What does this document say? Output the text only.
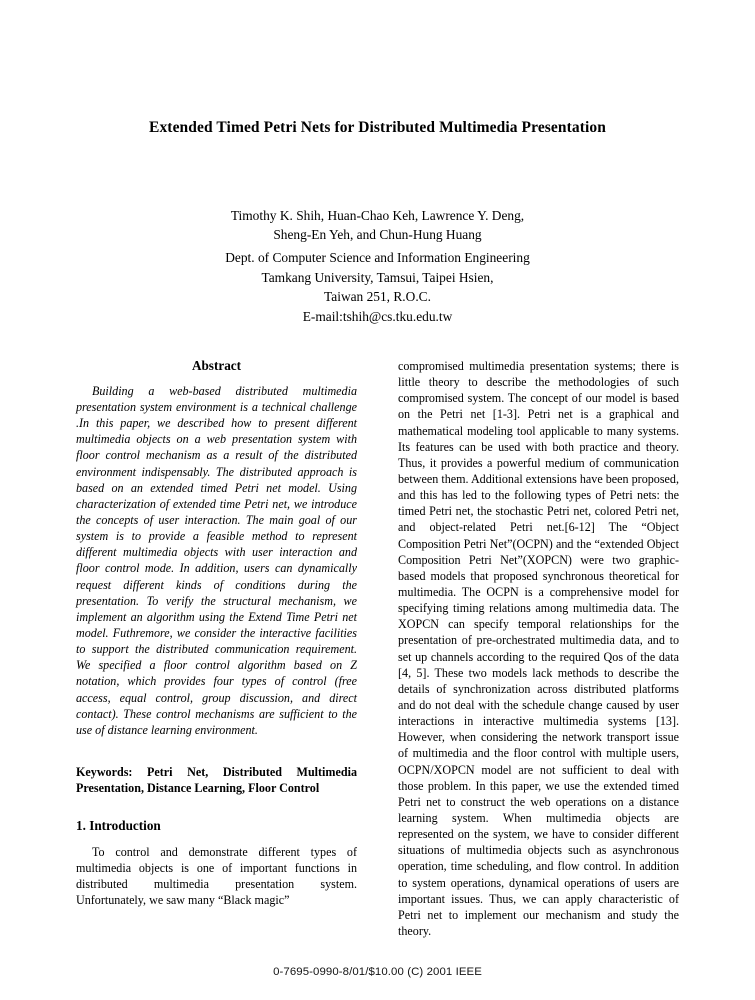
Extended Timed Petri Nets for Distributed Multimedia Presentation
Timothy K. Shih, Huan-Chao Keh, Lawrence Y. Deng,
Sheng-En Yeh, and Chun-Hung Huang
Dept. of Computer Science and Information Engineering
Tamkang University, Tamsui, Taipei Hsien,
Taiwan 251, R.O.C.
E-mail:tshih@cs.tku.edu.tw
Abstract

Building a web-based distributed multimedia presentation system environment is a technical challenge .In this paper, we described how to present different multimedia objects on a web presentation system with floor control mechanism as a result of the distributed environment indispensably. The distributed approach is based on an extended timed Petri net model. Using characterization of extended time Petri net, we introduce the concepts of user interaction. The main goal of our system is to provide a feasible method to represent different multimedia objects with user interaction and floor control mode. In addition, users can dynamically request different kinds of conditions during the presentation. To verify the structural mechanism, we implement an algorithm using the Extend Time Petri net model. Futhremore, we consider the interactive facilities to support the distributed communication requirement. We specified a floor control algorithm based on Z notation, which provides four types of control (free access, equal control, group discussion, and direct contact). These control mechanisms are sufficient to the use of distance learning environment.

Keywords: Petri Net, Distributed Multimedia Presentation, Distance Learning, Floor Control

1. Introduction

To control and demonstrate different types of multimedia objects is one of important functions in distributed multimedia presentation system. Unfortunately, we saw many “Black magic”

compromised multimedia presentation systems; there is little theory to describe the methodologies of such compromised system. The concept of our model is based on the Petri net [1-3]. Petri net is a graphical and mathematical modeling tool applicable to many systems. Its features can be used with both practice and theory. Thus, it provides a powerful medium of communication between them. Additional extensions have been proposed, and this has led to the following types of Petri nets: the timed Petri net, the stochastic Petri net, colored Petri net, and object-related Petri net.[6-12] The “Object Composition Petri Net”(OCPN) and the “extended Object Composition Petri Net”(XOPCN) were two graphic-based models that proposed synchronous theoretical for multimedia. The OCPN is a comprehensive model for specifying timing relations among multimedia data. The XOPCN can specify temporal relationships for the presentation of pre-orchestrated multimedia data, and to set up channels according to the required Qos of the data [4, 5]. These two models lack methods to describe the details of synchronization across distributed platforms and do not deal with the schedule change caused by user interactions in interactive multimedia systems [13]. However, when considering the network transport issue of multimedia and the floor control with multiple users, OCPN/XOPCN model are not sufficient to deal with those problem. In this paper, we use the extended timed Petri net to construct the web operations on a distance learning system. When multimedia objects are represented on the system, we have to consider different situations of multimedia objects such as asynchronous operation, time scheduling, and flow control. In addition to system operations, dynamical operations of users are important issues. Thus, we can apply characteristic of Petri net to implement our mechanism and study the theory.

0-7695-0990-8/01/$10.00 (C) 2001 IEEE
